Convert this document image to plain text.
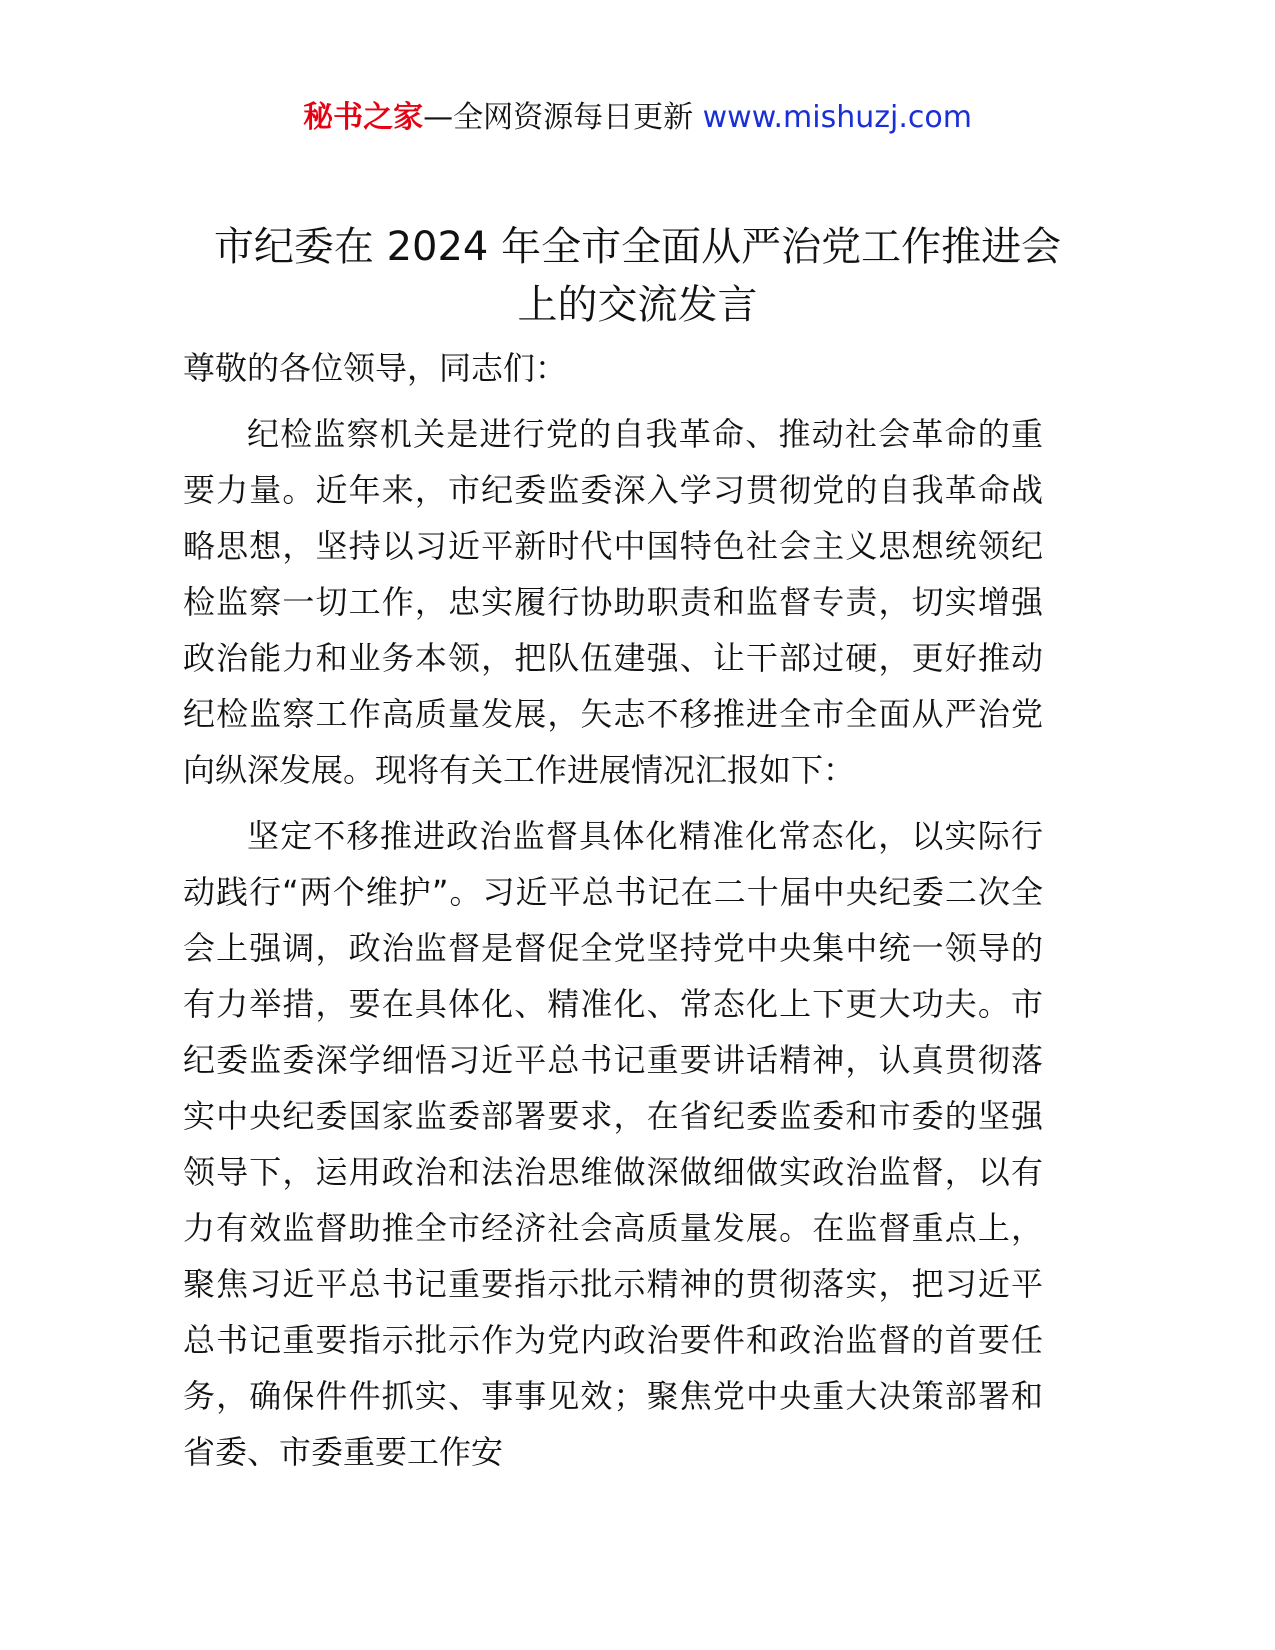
秘书之家—全网资源每日更新 www.mishuzj.com
市纪委在 2024 年全市全面从严治党工作推进会
上的交流发言
尊敬的各位领导，同志们：

纪检监察机关是进行党的自我革命、推动社会革命的重要力量。近年来，市纪委监委深入学习贯彻党的自我革命战略思想，坚持以习近平新时代中国特色社会主义思想统领纪检监察一切工作，忠实履行协助职责和监督专责，切实增强政治能力和业务本领，把队伍建强、让干部过硬，更好推动纪检监察工作高质量发展，矢志不移推进全市全面从严治党向纵深发展。现将有关工作进展情况汇报如下：

坚定不移推进政治监督具体化精准化常态化，以实际行动践行“两个维护”。习近平总书记在二十届中央纪委二次全会上强调，政治监督是督促全党坚持党中央集中统一领导的有力举措，要在具体化、精准化、常态化上下更大功夫。市纪委监委深学细悟习近平总书记重要讲话精神，认真贯彻落实中央纪委国家监委部署要求，在省纪委监委和市委的坚强领导下，运用政治和法治思维做深做细做实政治监督，以有力有效监督助推全市经济社会高质量发展。在监督重点上，聚焦习近平总书记重要指示批示精神的贯彻落实，把习近平总书记重要指示批示作为党内政治要件和政治监督的首要任务，确保件件抓实、事事见效；聚焦党中央重大决策部署和省委、市委重要工作安
